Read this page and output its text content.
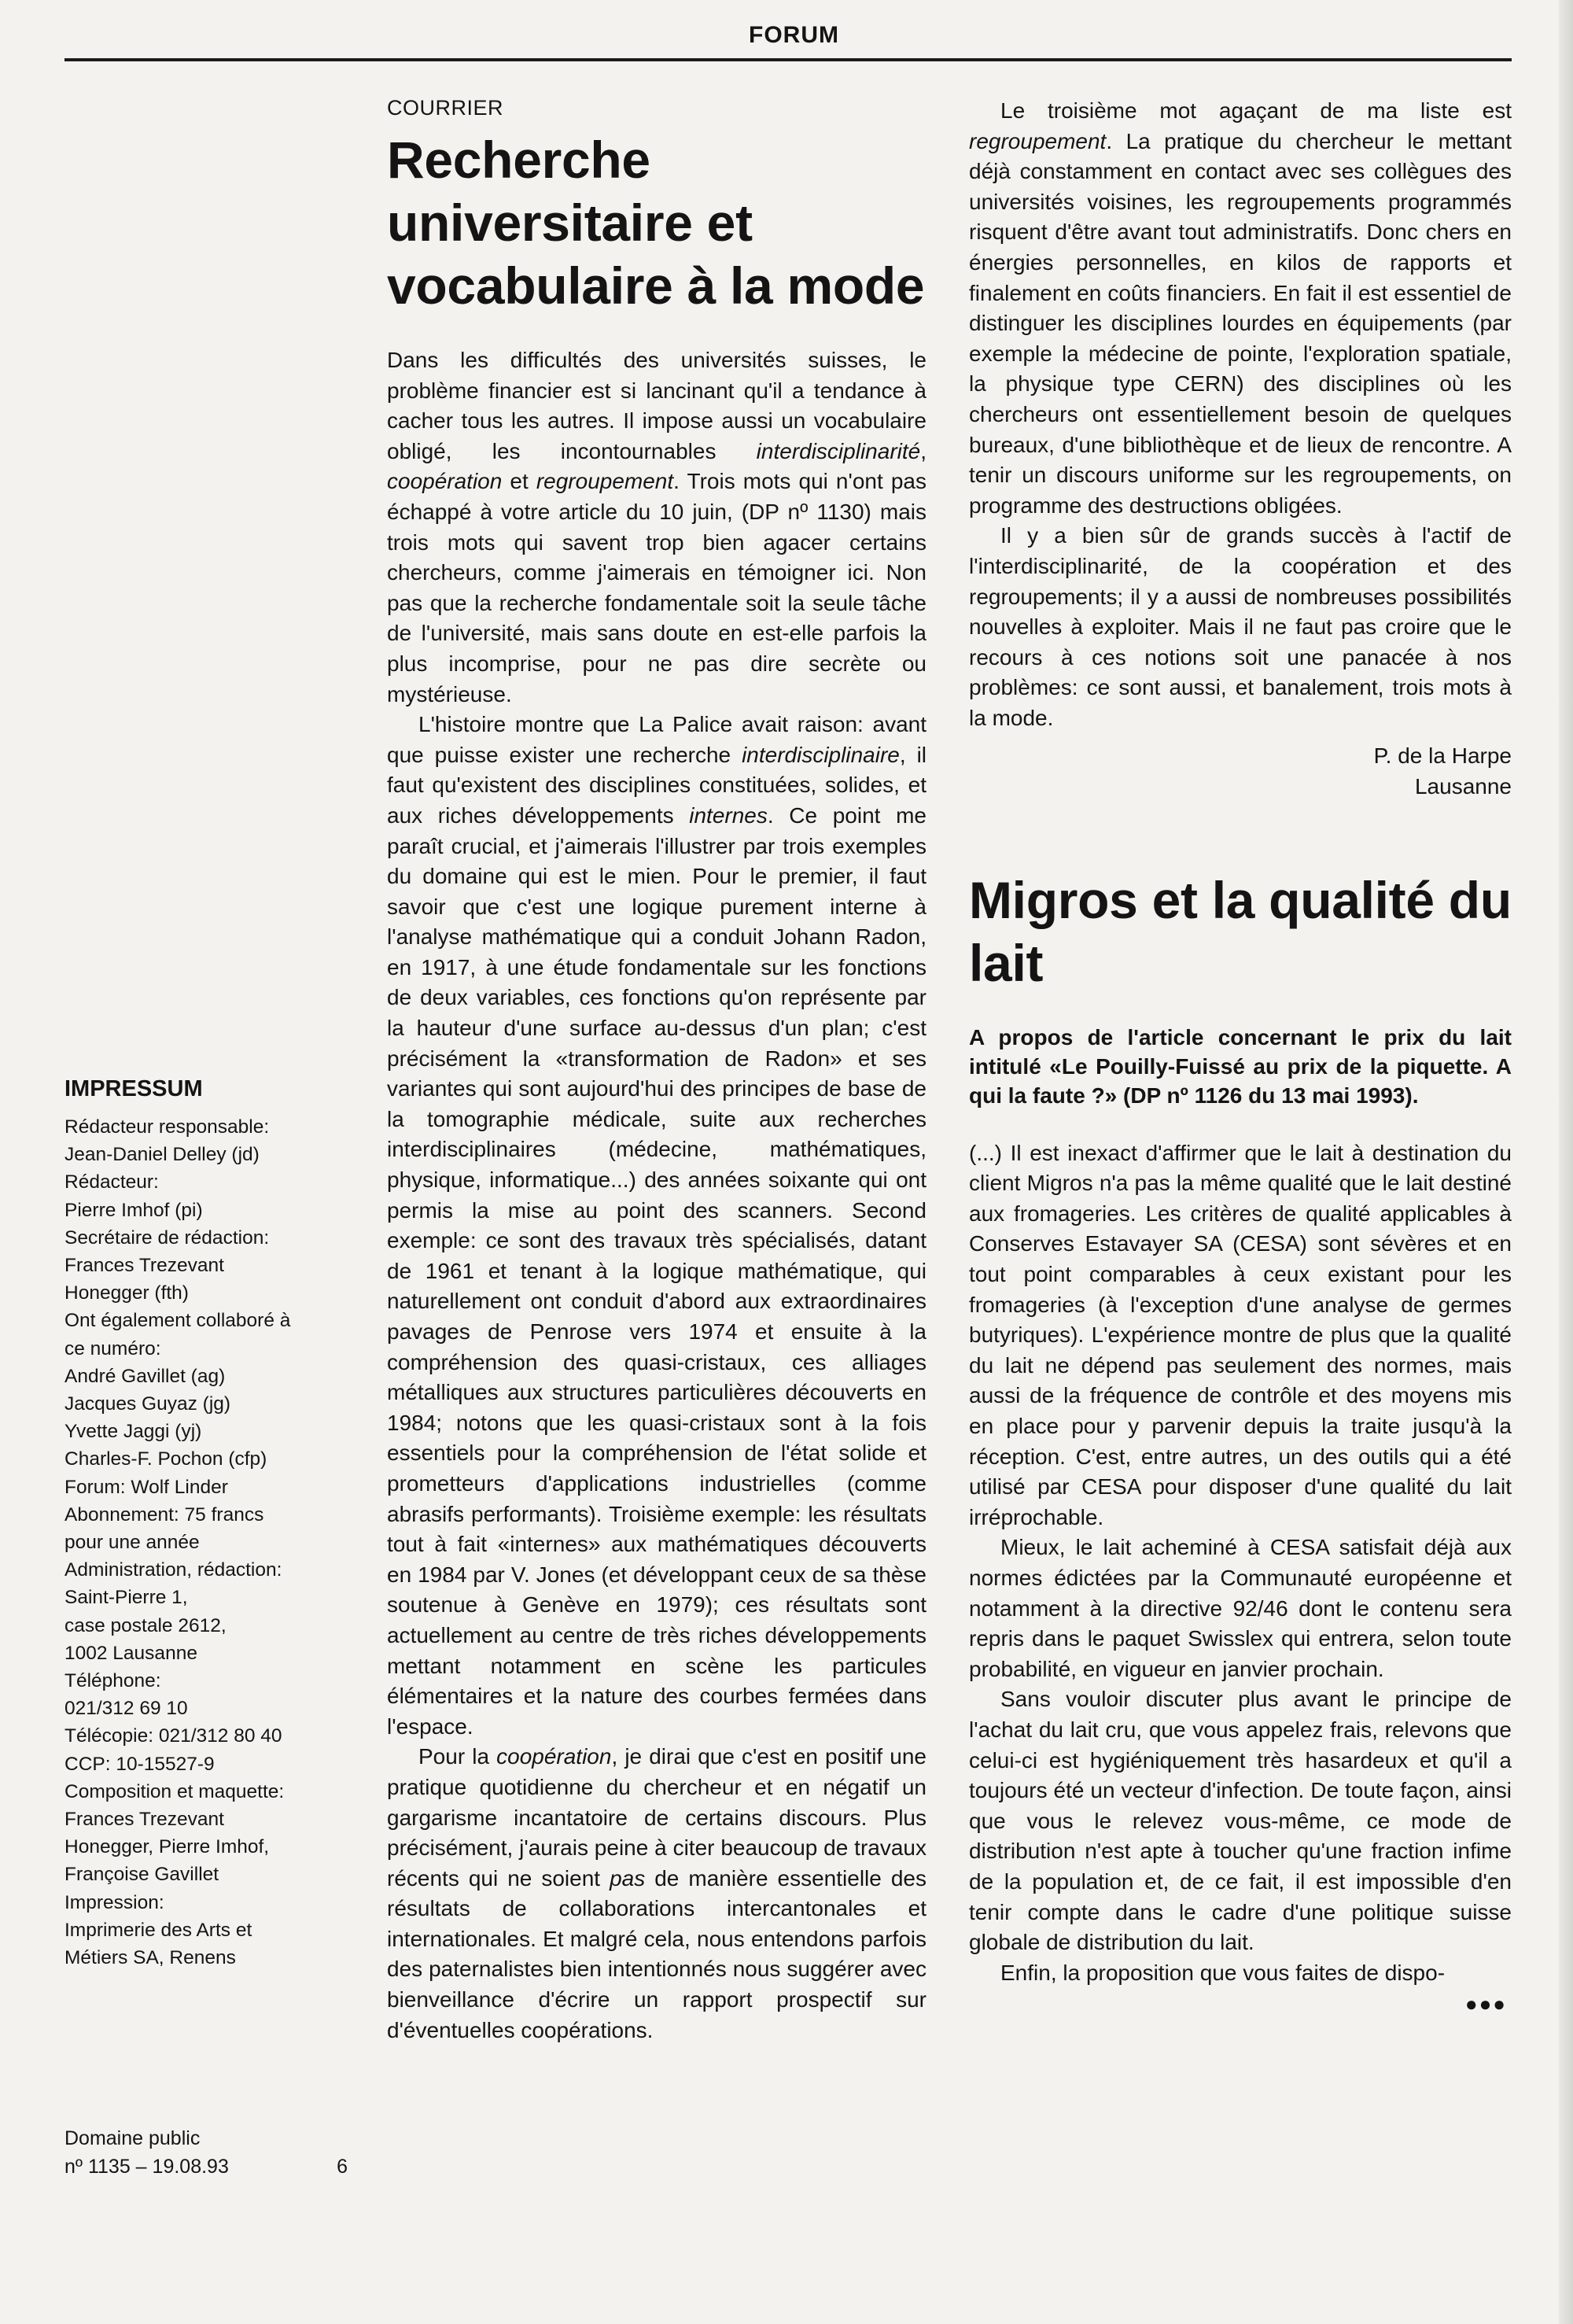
FORUM
IMPRESSUM
Rédacteur responsable:
Jean-Daniel Delley (jd)
Rédacteur:
Pierre Imhof (pi)
Secrétaire de rédaction:
Frances Trezevant
Honegger (fth)
Ont également collaboré à
ce numéro:
André Gavillet (ag)
Jacques Guyaz (jg)
Yvette Jaggi (yj)
Charles-F. Pochon (cfp)
Forum: Wolf Linder
Abonnement: 75 francs
pour une année
Administration, rédaction:
Saint-Pierre 1,
case postale 2612,
1002 Lausanne
Téléphone:
021/312 69 10
Télécopie: 021/312 80 40
CCP: 10-15527-9
Composition et maquette:
Frances Trezevant
Honegger, Pierre Imhof,
Françoise Gavillet
Impression:
Imprimerie des Arts et
Métiers SA, Renens
Domaine public
nº 1135 – 19.08.93	6
COURRIER
Recherche universitaire et vocabulaire à la mode

Dans les difficultés des universités suisses, le problème financier est si lancinant qu'il a tendance à cacher tous les autres. Il impose aussi un vocabulaire obligé, les incontournables interdisciplinarité, coopération et regroupement. Trois mots qui n'ont pas échappé à votre article du 10 juin, (DP nº 1130) mais trois mots qui savent trop bien agacer certains chercheurs, comme j'aimerais en témoigner ici. Non pas que la recherche fondamentale soit la seule tâche de l'université, mais sans doute en est-elle parfois la plus incomprise, pour ne pas dire secrète ou mystérieuse.

L'histoire montre que La Palice avait raison: avant que puisse exister une recherche interdisciplinaire, il faut qu'existent des disciplines constituées, solides, et aux riches développements internes. Ce point me paraît crucial, et j'aimerais l'illustrer par trois exemples du domaine qui est le mien. Pour le premier, il faut savoir que c'est une logique purement interne à l'analyse mathématique qui a conduit Johann Radon, en 1917, à une étude fondamentale sur les fonctions de deux variables, ces fonctions qu'on représente par la hauteur d'une surface au-dessus d'un plan; c'est précisément la «transformation de Radon» et ses variantes qui sont aujourd'hui des principes de base de la tomographie médicale, suite aux recherches interdisciplinaires (médecine, mathématiques, physique, informatique...) des années soixante qui ont permis la mise au point des scanners. Second exemple: ce sont des travaux très spécialisés, datant de 1961 et tenant à la logique mathématique, qui naturellement ont conduit d'abord aux extraordinaires pavages de Penrose vers 1974 et ensuite à la compréhension des quasi-cristaux, ces alliages métalliques aux structures particulières découverts en 1984; notons que les quasi-cristaux sont à la fois essentiels pour la compréhension de l'état solide et prometteurs d'applications industrielles (comme abrasifs performants). Troisième exemple: les résultats tout à fait «internes» aux mathématiques découverts en 1984 par V. Jones (et développant ceux de sa thèse soutenue à Genève en 1979); ces résultats sont actuellement au centre de très riches développements mettant notamment en scène les particules élémentaires et la nature des courbes fermées dans l'espace.

Pour la coopération, je dirai que c'est en positif une pratique quotidienne du chercheur et en négatif un gargarisme incantatoire de certains discours. Plus précisément, j'aurais peine à citer beaucoup de travaux récents qui ne soient pas de manière essentielle des résultats de collaborations intercantonales et internationales. Et malgré cela, nous entendons parfois des paternalistes bien intentionnés nous suggérer avec bienveillance d'écrire un rapport prospectif sur d'éventuelles coopérations.

Le troisième mot agaçant de ma liste est regroupement. La pratique du chercheur le mettant déjà constamment en contact avec ses collègues des universités voisines, les regroupements programmés risquent d'être avant tout administratifs. Donc chers en énergies personnelles, en kilos de rapports et finalement en coûts financiers. En fait il est essentiel de distinguer les disciplines lourdes en équipements (par exemple la médecine de pointe, l'exploration spatiale, la physique type CERN) des disciplines où les chercheurs ont essentiellement besoin de quelques bureaux, d'une bibliothèque et de lieux de rencontre. A tenir un discours uniforme sur les regroupements, on programme des destructions obligées.

Il y a bien sûr de grands succès à l'actif de l'interdisciplinarité, de la coopération et des regroupements; il y a aussi de nombreuses possibilités nouvelles à exploiter. Mais il ne faut pas croire que le recours à ces notions soit une panacée à nos problèmes: ce sont aussi, et banalement, trois mots à la mode.

P. de la Harpe
Lausanne
Migros et la qualité du lait
A propos de l'article concernant le prix du lait intitulé «Le Pouilly-Fuissé au prix de la piquette. A qui la faute ?» (DP nº 1126 du 13 mai 1993).

(...) Il est inexact d'affirmer que le lait à destination du client Migros n'a pas la même qualité que le lait destiné aux fromageries. Les critères de qualité applicables à Conserves Estavayer SA (CESA) sont sévères et en tout point comparables à ceux existant pour les fromageries (à l'exception d'une analyse de germes butyriques). L'expérience montre de plus que la qualité du lait ne dépend pas seulement des normes, mais aussi de la fréquence de contrôle et des moyens mis en place pour y parvenir depuis la traite jusqu'à la réception. C'est, entre autres, un des outils qui a été utilisé par CESA pour disposer d'une qualité du lait irréprochable.

Mieux, le lait acheminé à CESA satisfait déjà aux normes édictées par la Communauté européenne et notamment à la directive 92/46 dont le contenu sera repris dans le paquet Swisslex qui entrera, selon toute probabilité, en vigueur en janvier prochain.

Sans vouloir discuter plus avant le principe de l'achat du lait cru, que vous appelez frais, relevons que celui-ci est hygiéniquement très hasardeux et qu'il a toujours été un vecteur d'infection. De toute façon, ainsi que vous le relevez vous-même, ce mode de distribution n'est apte à toucher qu'une fraction infime de la population et, de ce fait, il est impossible d'en tenir compte dans le cadre d'une politique suisse globale de distribution du lait.

Enfin, la proposition que vous faites de dispo-

●●●
